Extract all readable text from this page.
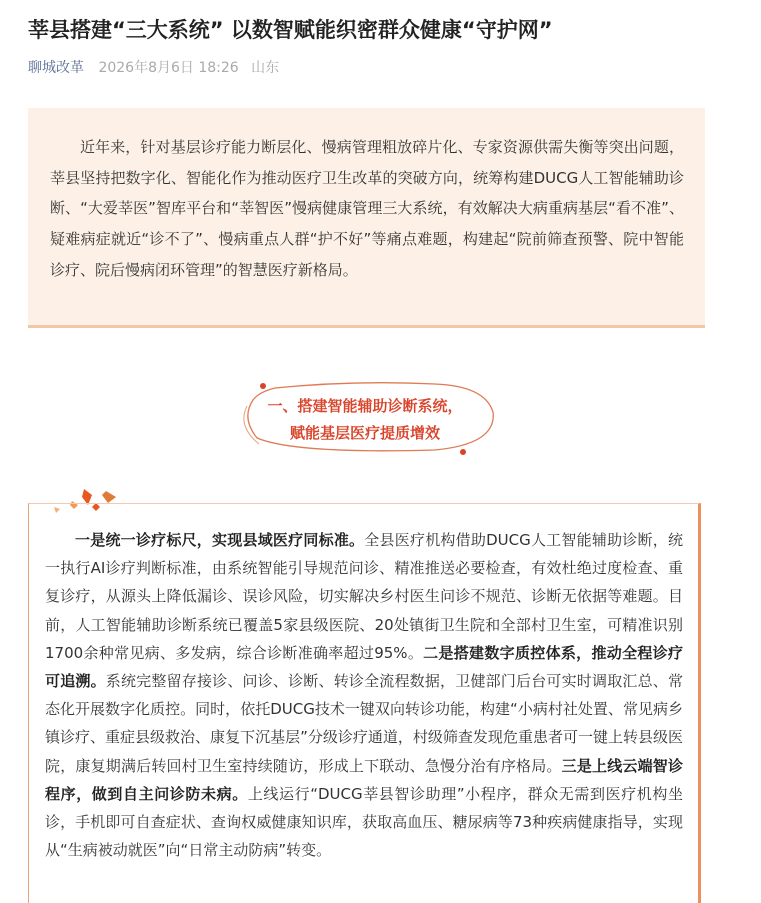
莘县搭建“三大系统” 以数智赋能织密群众健康“守护网”
聊城改革 2026年8月6日 18:26 山东

近年来，针对基层诊疗能力断层化、慢病管理粗放碎片化、专家资源供需失衡等突出问题，莘县坚持把数字化、智能化作为推动医疗卫生改革的突破方向，统筹构建DUCG人工智能辅助诊断、“大爱莘医”智库平台和“莘智医”慢病健康管理三大系统，有效解决大病重病基层“看不准”、疑难病症就近“诊不了”、慢病重点人群“护不好”等痛点难题，构建起“院前筛查预警、院中智能诊疗、院后慢病闭环管理”的智慧医疗新格局。

一、搭建智能辅助诊断系统，
赋能基层医疗提质增效

一是统一诊疗标尺，实现县域医疗同标准。全县医疗机构借助DUCG人工智能辅助诊断，统一执行AI诊疗判断标准，由系统智能引导规范问诊、精准推送必要检查，有效杜绝过度检查、重复诊疗，从源头上降低漏诊、误诊风险，切实解决乡村医生问诊不规范、诊断无依据等难题。目前，人工智能辅助诊断系统已覆盖5家县级医院、20处镇街卫生院和全部村卫生室，可精准识别1700余种常见病、多发病，综合诊断准确率超过95%。二是搭建数字质控体系，推动全程诊疗可追溯。系统完整留存接诊、问诊、诊断、转诊全流程数据，卫健部门后台可实时调取汇总、常态化开展数字化质控。同时，依托DUCG技术一键双向转诊功能，构建“小病村社处置、常见病乡镇诊疗、重症县级救治、康复下沉基层”分级诊疗通道，村级筛查发现危重患者可一键上转县级医院，康复期满后转回村卫生室持续随访，形成上下联动、急慢分治有序格局。三是上线云端智诊程序，做到自主问诊防未病。上线运行“DUCG莘县智诊助理”小程序，群众无需到医疗机构坐诊，手机即可自查症状、查询权威健康知识库，获取高血压、糖尿病等73种疾病健康指导，实现从“生病被动就医”向“日常主动防病”转变。
